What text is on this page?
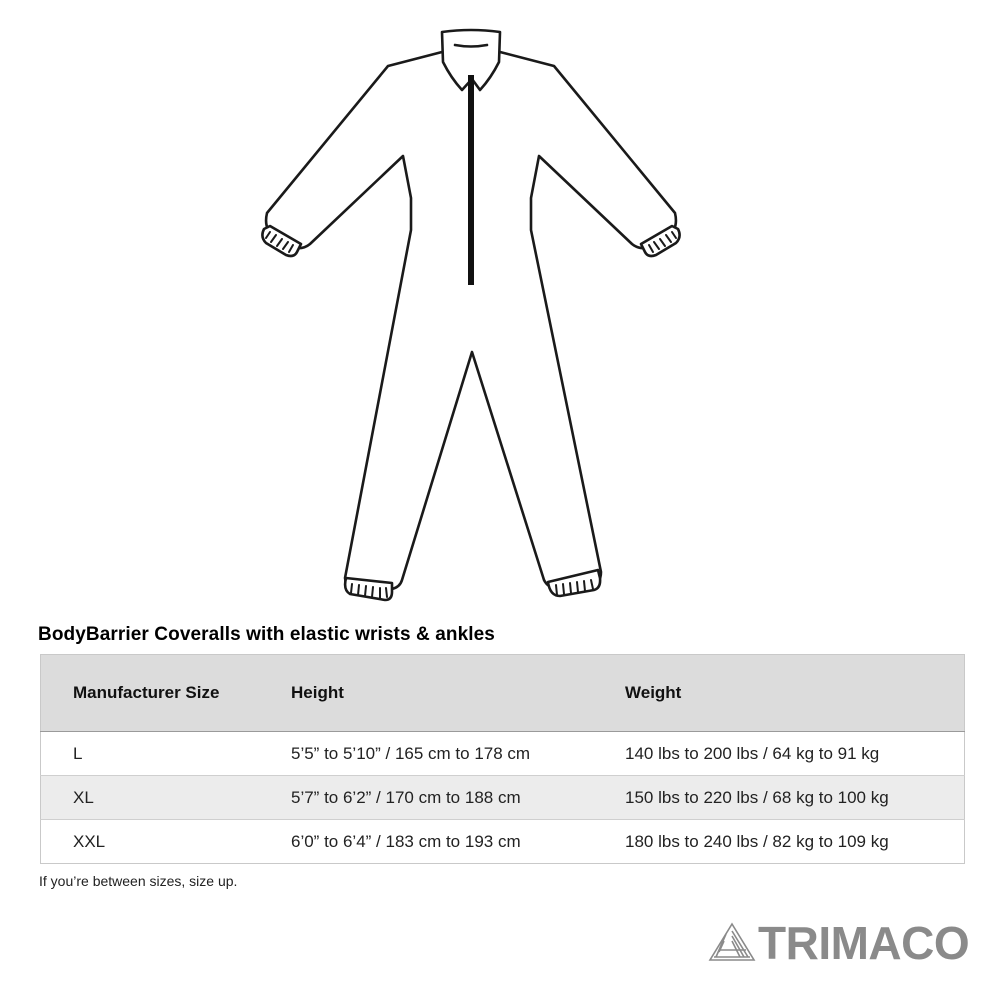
BodyBarrier Coveralls with elastic wrists & ankles
Manufacturer Size	Height	Weight
L	5’5” to 5’10” / 165 cm to 178 cm	140 lbs to 200 lbs / 64 kg to 91 kg
XL	5’7” to 6’2” / 170 cm to 188 cm	150 lbs to 220 lbs / 68 kg to 100 kg
XXL	6’0” to 6’4” / 183 cm to 193 cm	180 lbs to 240 lbs / 82 kg to 109 kg
If you’re between sizes, size up.
TRIMACO
